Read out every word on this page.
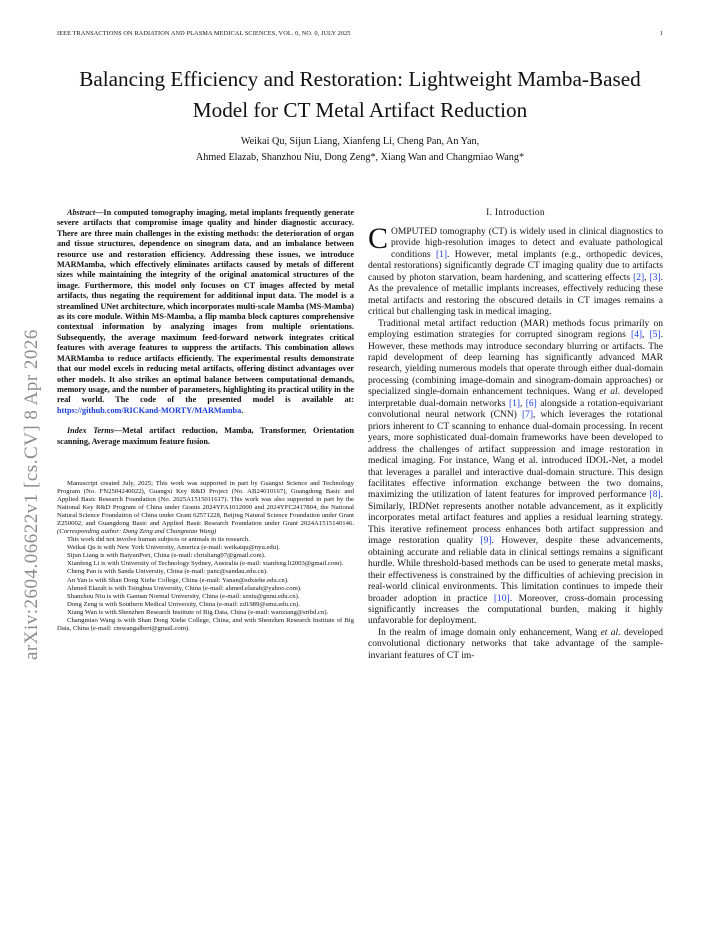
IEEE TRANSACTIONS ON RADIATION AND PLASMA MEDICAL SCIENCES, VOL. 0, NO. 0, JULY 2025	1
arXiv:2604.06622v1 [cs.CV] 8 Apr 2026
Balancing Efficiency and Restoration: Lightweight Mamba-Based Model for CT Metal Artifact Reduction
Weikai Qu, Sijun Liang, Xianfeng Li, Cheng Pan, An Yan,
Ahmed Elazab, Shanzhou Niu, Dong Zeng*, Xiang Wan and Changmiao Wang*

Abstract—In computed tomography imaging, metal implants frequently generate severe artifacts that compromise image quality and hinder diagnostic accuracy. There are three main challenges in the existing methods: the deterioration of organ and tissue structures, dependence on sinogram data, and an imbalance between resource use and restoration efficiency. Addressing these issues, we introduce MARMamba, which effectively eliminates artifacts caused by metals of different sizes while maintaining the integrity of the original anatomical structures of the image. Furthermore, this model only focuses on CT images affected by metal artifacts, thus negating the requirement for additional input data. The model is a streamlined UNet architecture, which incorporates multi-scale Mamba (MS-Mamba) as its core module. Within MS-Mamba, a flip mamba block captures comprehensive contextual information by analyzing images from multiple orientations. Subsequently, the average maximum feed-forward network integrates critical features with average features to suppress the artifacts. This combination allows MARMamba to reduce artifacts efficiently. The experimental results demonstrate that our model excels in reducing metal artifacts, offering distinct advantages over other models. It also strikes an optimal balance between computational demands, memory usage, and the number of parameters, highlighting its practical utility in the real world. The code of the presented model is available at: https://github.com/RICKand-MORTY/MARMamba.

Index Terms—Metal artifact reduction, Mamba, Transformer, Orientation scanning, Average maximum feature fusion.

Manuscript created July, 2025; This work was supported in part by Guangxi Science and Technology Program (No. FN2504240022), Guangxi Key R&D Project (No. AB24010167), Guangdong Basic and Applied Basic Research Foundation (No. 2025A1515011617). This work was also supported in part by the National Key R&D Program of China under Grants 2024YFA1012000 and 2024YFC2417804, the National Natural Science Foundation of China under Grant 62571228, Beijing Natural Science Foundation under Grant Z250002, and Guangdong Basic and Applied Basic Research Foundation under Grant 2024A1515140146. (Corresponding author: Dong Zeng and Changmiao Wang)

This work did not involve human subjects or animals in its research.

Weikai Qu is with New York University, America (e-mail: weikaiqu@nyu.edu).

Sijun Liang is with BaiyunPort, China (e-mail: chrisliang97@gmail.com).

Xianfeng Li is with University of Technology Sydney, Australia (e-mail: xianfeng.li2003@gmail.com).

Cheng Pan is with Sanda University, China (e-mail: panc@sandau.edu.cn).

An Yan is with Shan Dong Xiehe College, China (e-mail: Yanan@sdxiehe.edu.cn).

Ahmed Elazab is with Tsinghua University, China (e-mail: ahmed.elazab@yahoo.com).

Shanzhou Niu is with Gannan Normal University, China (e-mail: szniu@gnnu.edu.cn).

Dong Zeng is with Southern Medical University, China (e-mail: zd1989@smu.edu.cn).

Xiang Wan is with Shenzhen Research Institute of Big Data, China (e-mail: wanxiang@sribd.cn).

Changmiao Wang is with Shan Dong Xiehe College, China, and with Shenzhen Research Institute of Big Data, China (e-mail: cmwangalbert@gmail.com).

I. Introduction

COMPUTED tomography (CT) is widely used in clinical diagnostics to provide high-resolution images to detect and evaluate pathological conditions [1]. However, metal implants (e.g., orthopedic devices, dental restorations) significantly degrade CT imaging quality due to artifacts caused by photon starvation, beam hardening, and scattering effects [2], [3]. As the prevalence of metallic implants increases, effectively reducing these metal artifacts and restoring the obscured details in CT images remains a critical but challenging task in medical imaging.

Traditional metal artifact reduction (MAR) methods focus primarily on employing estimation strategies for corrupted sinogram regions [4], [5]. However, these methods may introduce secondary blurring or artifacts. The rapid development of deep learning has significantly advanced MAR research, yielding numerous models that operate through either dual-domain processing (combining image-domain and sinogram-domain approaches) or specialized single-domain enhancement techniques. Wang et al. developed interpretable dual-domain networks [1], [6] alongside a rotation-equivariant convolutional neural network (CNN) [7], which leverages the rotational priors inherent to CT scanning to enhance dual-domain processing. In recent years, more sophisticated dual-domain frameworks have been developed to address the challenges of artifact suppression and image restoration in medical imaging. For instance, Wang et al. introduced IDOL-Net, a model that leverages a parallel and interactive dual-domain structure. This design facilitates effective information exchange between the two domains, maximizing the utilization of latent features for improved performance [8]. Similarly, IRDNet represents another notable advancement, as it explicitly incorporates metal artifact features and applies a residual learning strategy. This iterative refinement process enhances both artifact suppression and image restoration quality [9]. However, despite these advancements, obtaining accurate and reliable data in clinical settings remains a significant hurdle. While threshold-based methods can be used to generate metal masks, their effectiveness is constrained by the difficulties of achieving precision in real-world clinical environments. This limitation continues to impede their broader adoption in practice [10]. Moreover, cross-domain processing significantly increases the computational burden, making it highly unfavorable for deployment.

In the realm of image domain only enhancement, Wang et al. developed convolutional dictionary networks that take advantage of the sample-invariant features of CT im-
